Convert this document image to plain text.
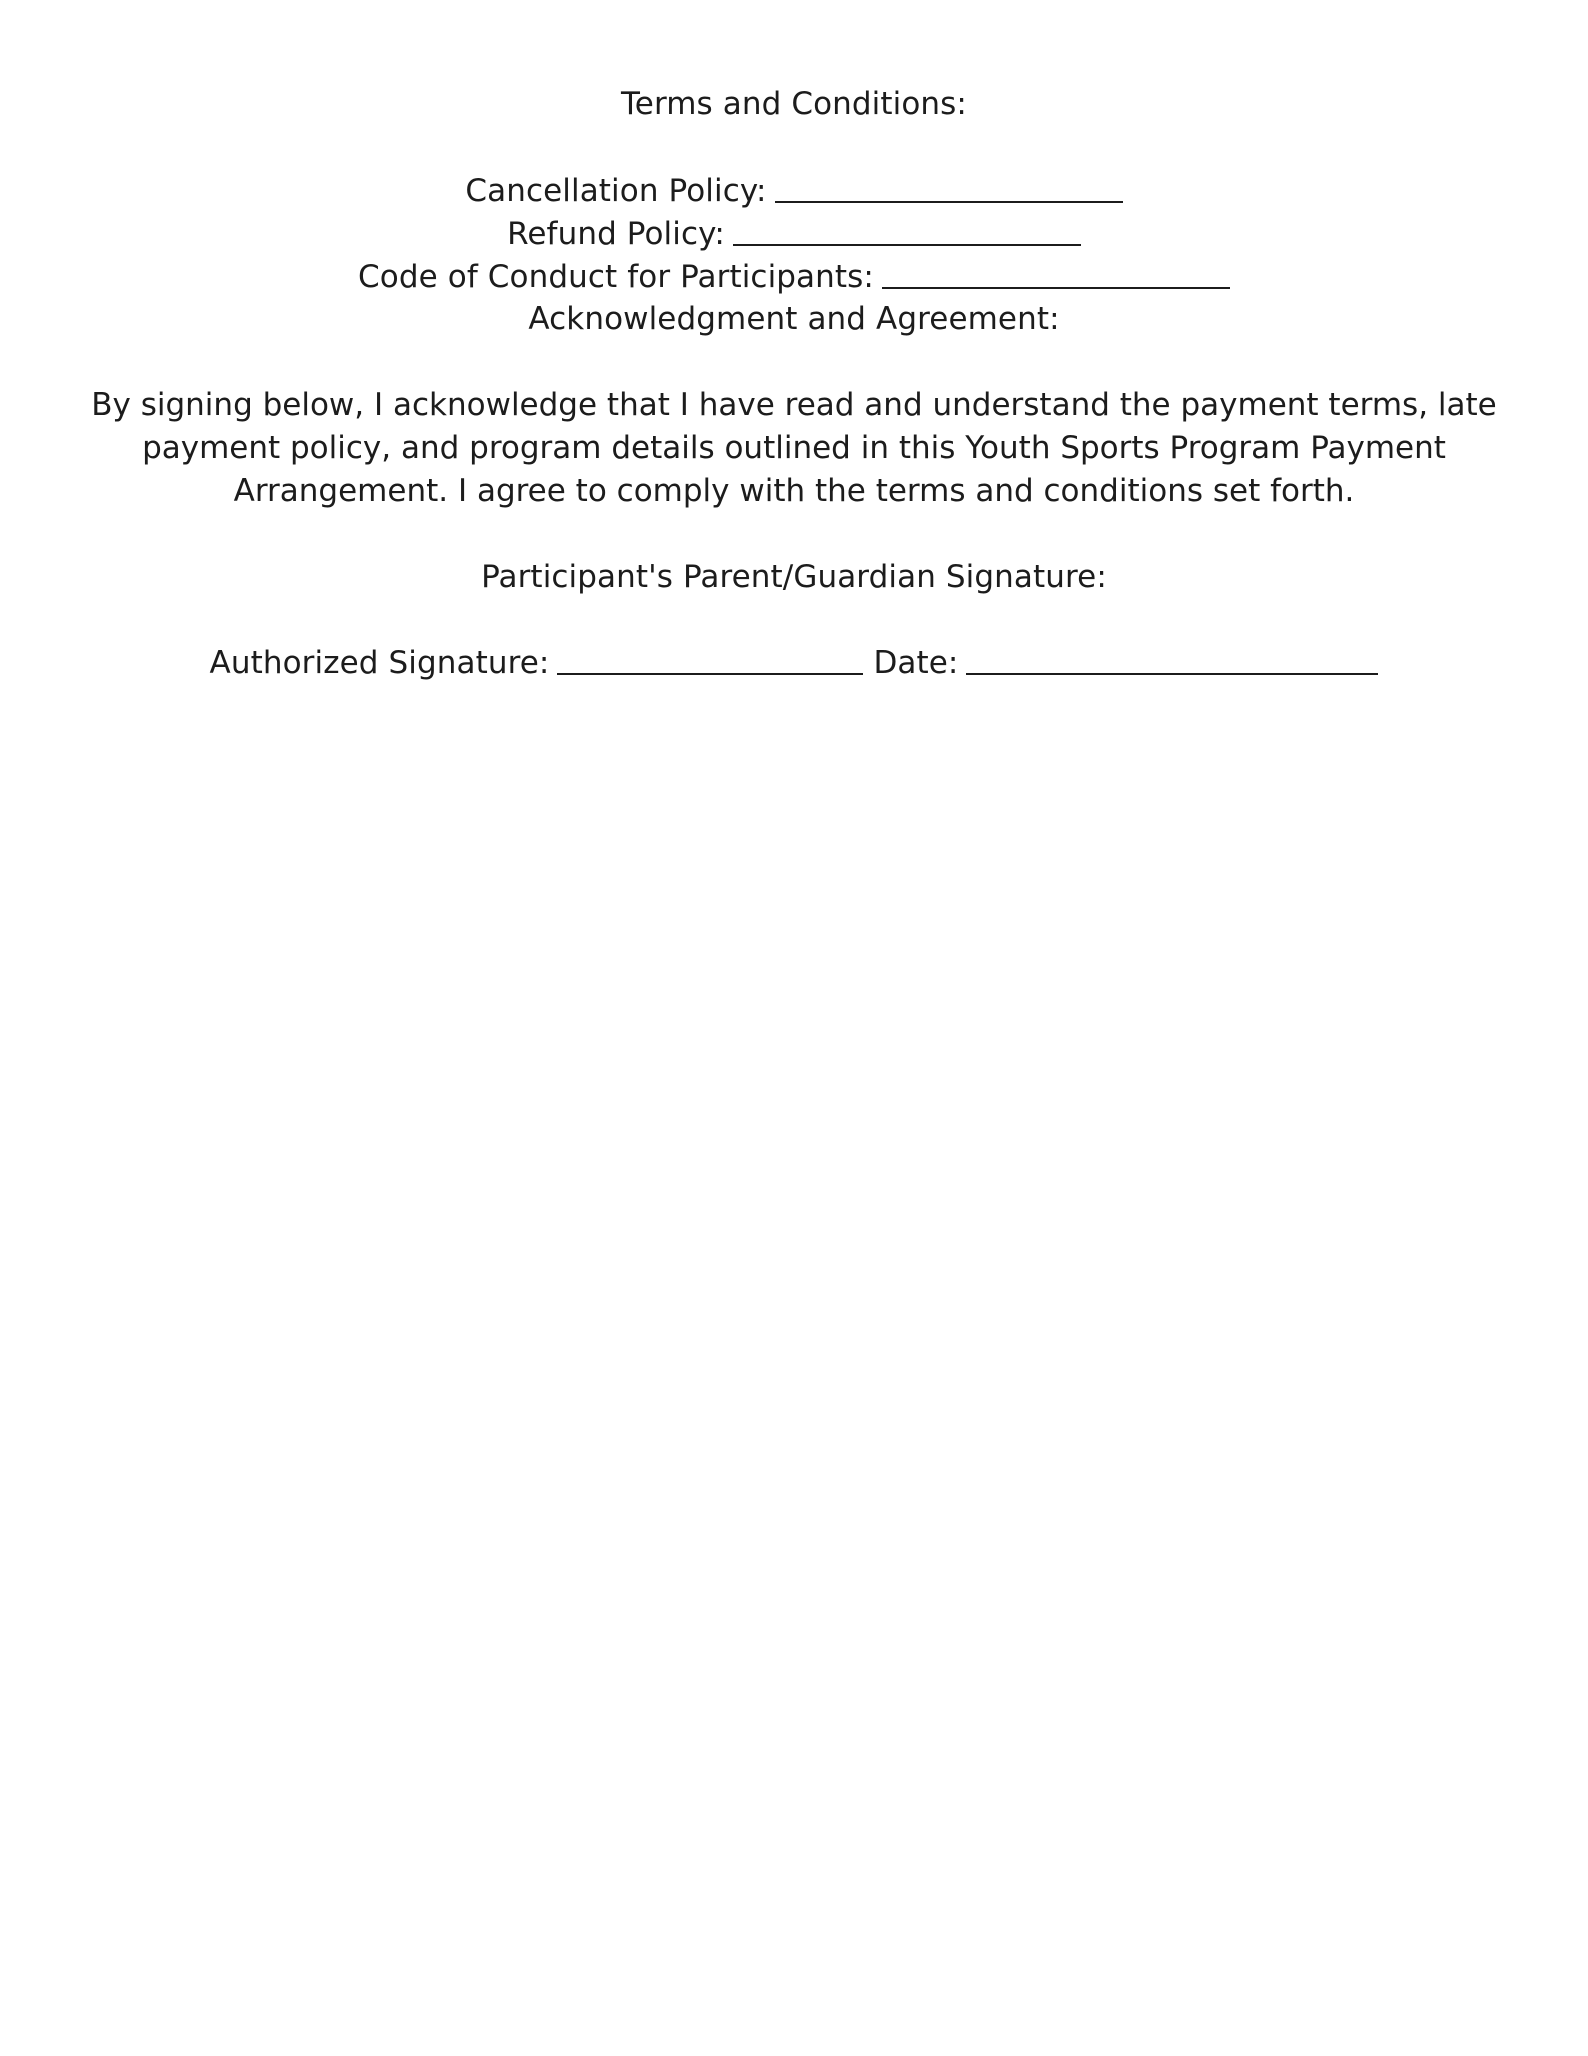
Terms and Conditions:
Cancellation Policy:
Refund Policy:
Code of Conduct for Participants:
Acknowledgment and Agreement:
By signing below, I acknowledge that I have read and understand the payment terms, late payment policy, and program details outlined in this Youth Sports Program Payment Arrangement. I agree to comply with the terms and conditions set forth.
Participant's Parent/Guardian Signature:
Authorized Signature:	Date:
